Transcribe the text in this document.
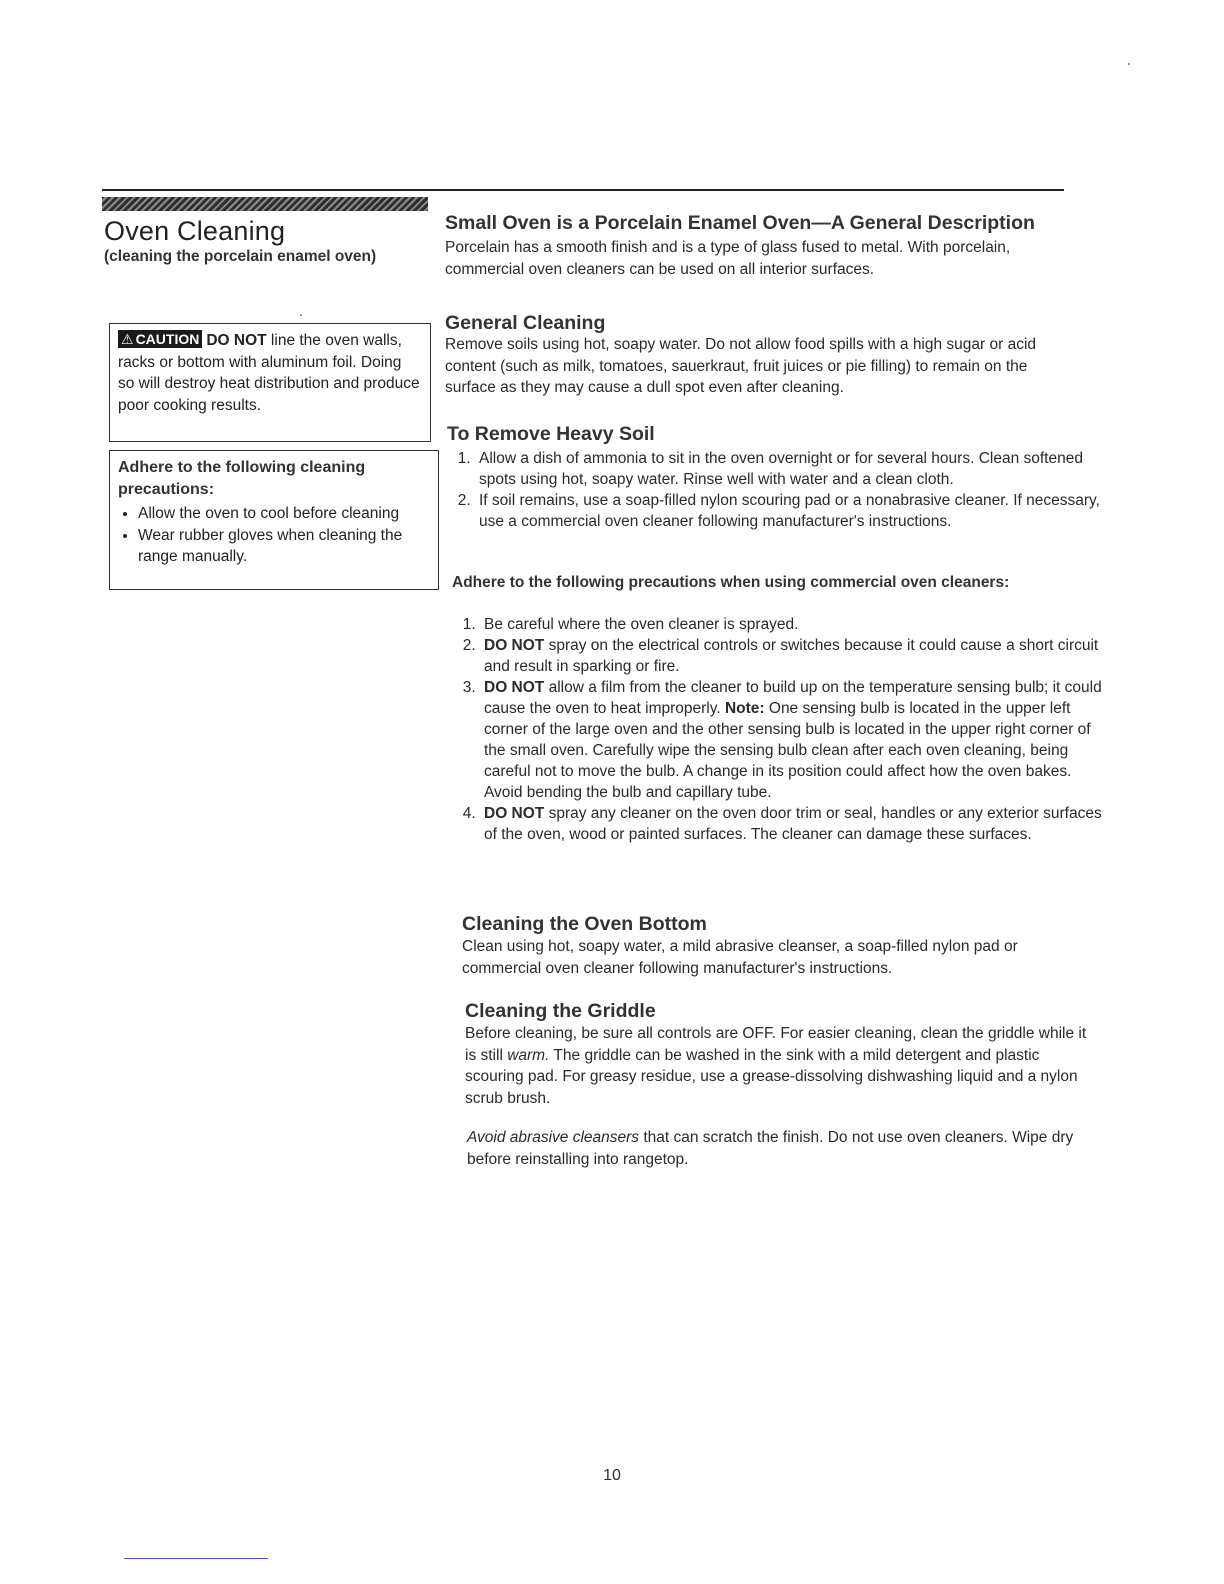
Oven Cleaning
(cleaning the porcelain enamel oven)
⚠ CAUTION DO NOT line the oven walls, racks or bottom with aluminum foil. Doing so will destroy heat distribution and produce poor cooking results.
Adhere to the following cleaning precautions:
• Allow the oven to cool before cleaning
• Wear rubber gloves when cleaning the range manually.
Small Oven is a Porcelain Enamel Oven—A General Description
Porcelain has a smooth finish and is a type of glass fused to metal. With porcelain, commercial oven cleaners can be used on all interior surfaces.
General Cleaning
Remove soils using hot, soapy water. Do not allow food spills with a high sugar or acid content (such as milk, tomatoes, sauerkraut, fruit juices or pie filling) to remain on the surface as they may cause a dull spot even after cleaning.
To Remove Heavy Soil
1. Allow a dish of ammonia to sit in the oven overnight or for several hours. Clean softened spots using hot, soapy water. Rinse well with water and a clean cloth.
2. If soil remains, use a soap-filled nylon scouring pad or a nonabrasive cleaner. If necessary, use a commercial oven cleaner following manufacturer's instructions.
Adhere to the following precautions when using commercial oven cleaners:
1. Be careful where the oven cleaner is sprayed.
2. DO NOT spray on the electrical controls or switches because it could cause a short circuit and result in sparking or fire.
3. DO NOT allow a film from the cleaner to build up on the temperature sensing bulb; it could cause the oven to heat improperly. Note: One sensing bulb is located in the upper left corner of the large oven and the other sensing bulb is located in the upper right corner of the small oven. Carefully wipe the sensing bulb clean after each oven cleaning, being careful not to move the bulb. A change in its position could affect how the oven bakes. Avoid bending the bulb and capillary tube.
4. DO NOT spray any cleaner on the oven door trim or seal, handles or any exterior surfaces of the oven, wood or painted surfaces. The cleaner can damage these surfaces.
Cleaning the Oven Bottom
Clean using hot, soapy water, a mild abrasive cleanser, a soap-filled nylon pad or commercial oven cleaner following manufacturer's instructions.
Cleaning the Griddle
Before cleaning, be sure all controls are OFF. For easier cleaning, clean the griddle while it is still warm. The griddle can be washed in the sink with a mild detergent and plastic scouring pad. For greasy residue, use a grease-dissolving dishwashing liquid and a nylon scrub brush.
Avoid abrasive cleansers that can scratch the finish. Do not use oven cleaners. Wipe dry before reinstalling into rangetop.
10
